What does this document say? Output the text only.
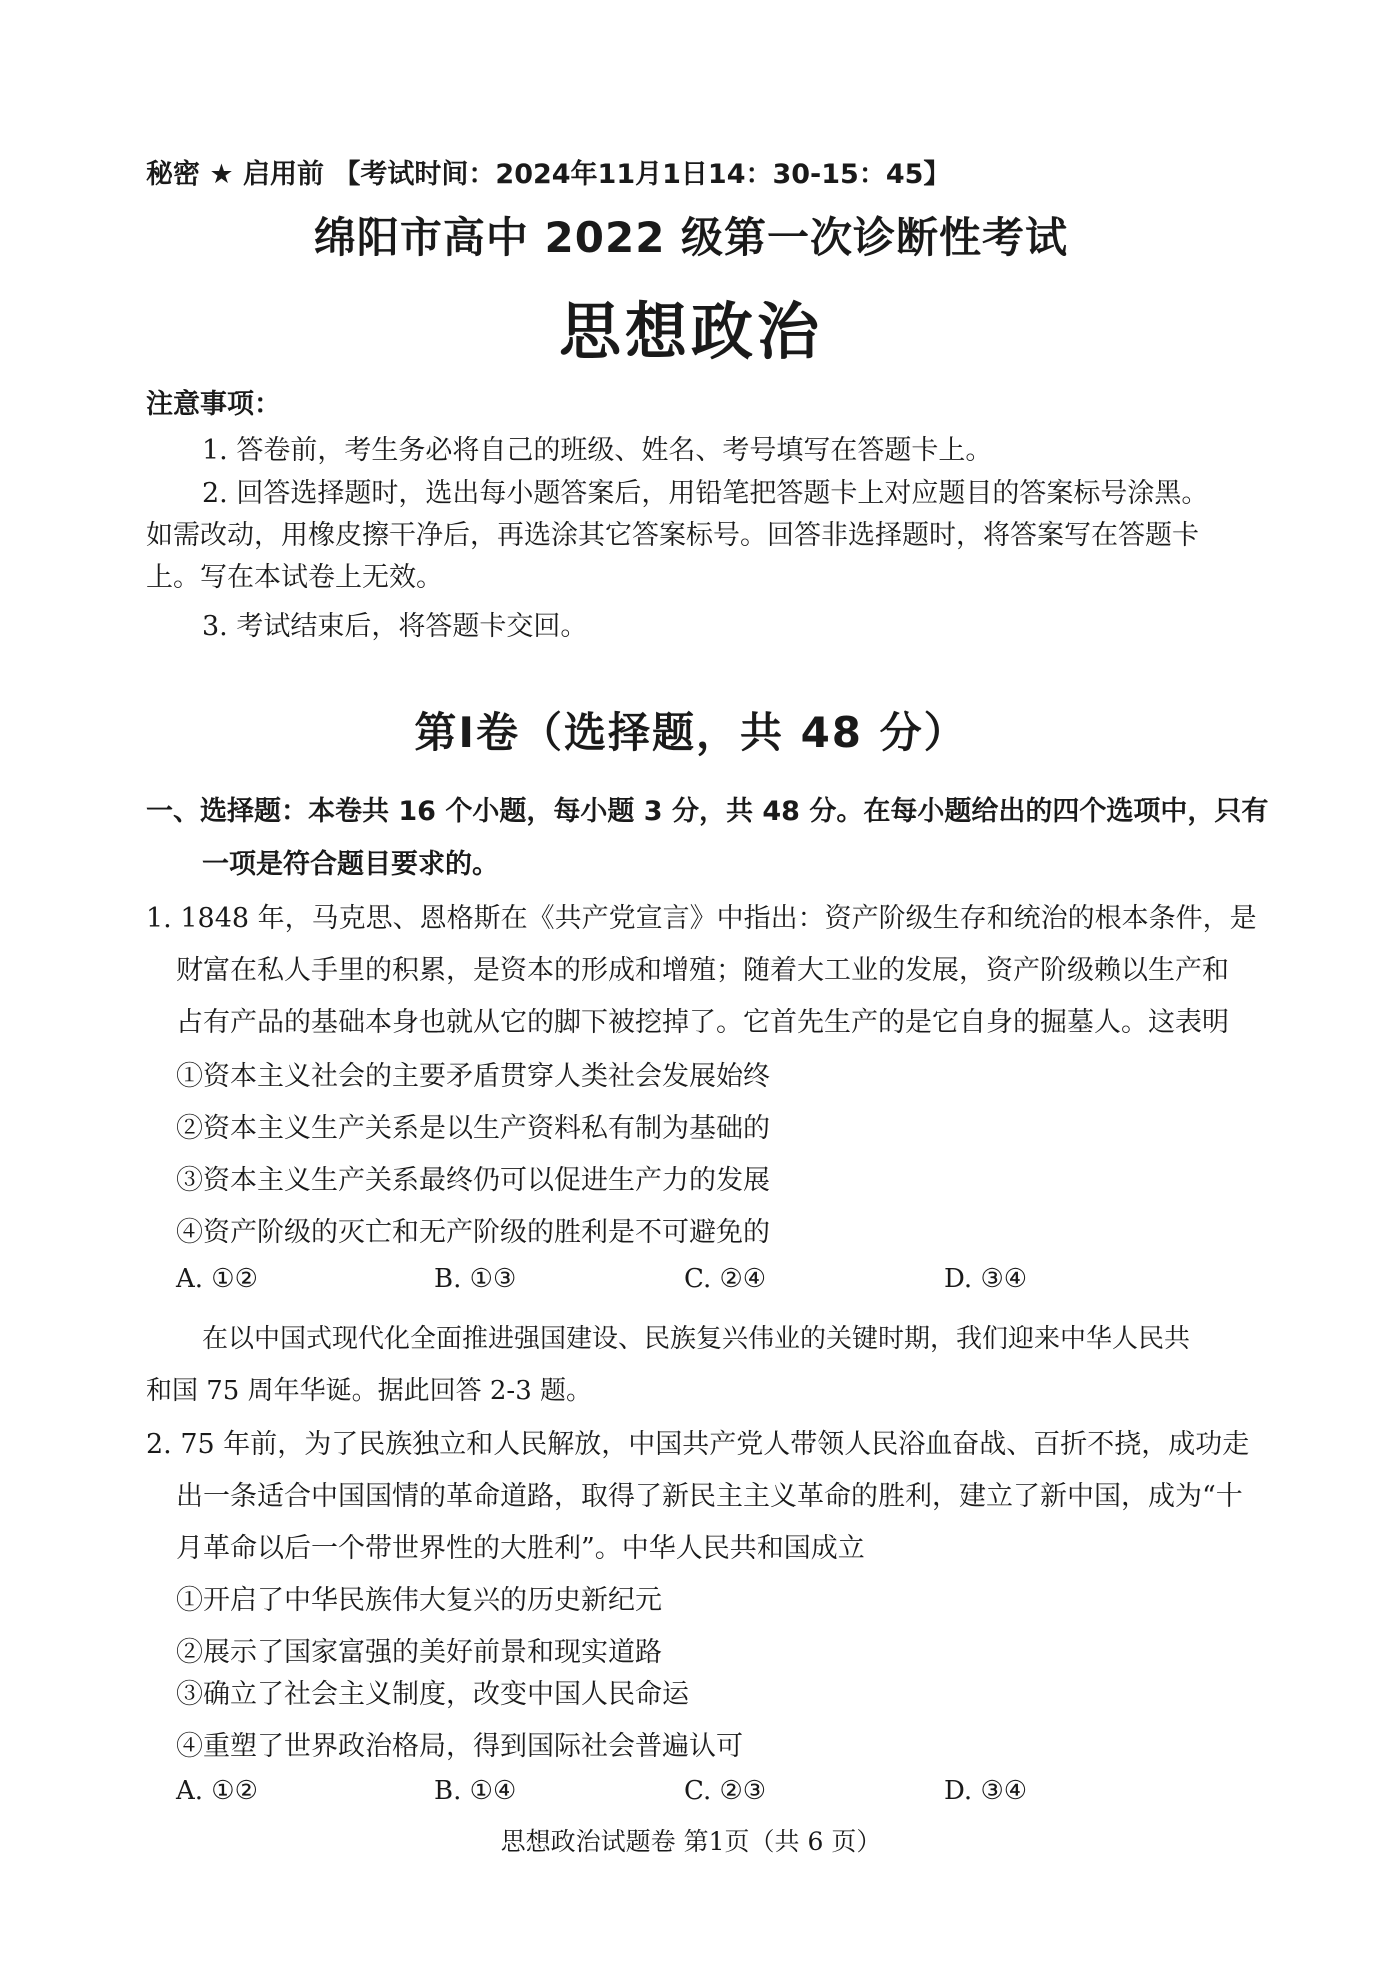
秘密 ★ 启用前 【考试时间：2024年11月1日14：30-15：45】
绵阳市高中 2022 级第一次诊断性考试
思想政治
注意事项：
1. 答卷前，考生务必将自己的班级、姓名、考号填写在答题卡上。
2. 回答选择题时，选出每小题答案后，用铅笔把答题卡上对应题目的答案标号涂黑。
如需改动，用橡皮擦干净后，再选涂其它答案标号。回答非选择题时，将答案写在答题卡
上。写在本试卷上无效。
3. 考试结束后，将答题卡交回。
第Ⅰ卷（选择题，共 48 分）
一、选择题：本卷共 16 个小题，每小题 3 分，共 48 分。在每小题给出的四个选项中，只有
一项是符合题目要求的。
1. 1848 年，马克思、恩格斯在《共产党宣言》中指出：资产阶级生存和统治的根本条件，是
财富在私人手里的积累，是资本的形成和增殖；随着大工业的发展，资产阶级赖以生产和
占有产品的基础本身也就从它的脚下被挖掉了。它首先生产的是它自身的掘墓人。这表明
①资本主义社会的主要矛盾贯穿人类社会发展始终
②资本主义生产关系是以生产资料私有制为基础的
③资本主义生产关系最终仍可以促进生产力的发展
④资产阶级的灭亡和无产阶级的胜利是不可避免的
A. ①②	B. ①③	C. ②④	D. ③④
在以中国式现代化全面推进强国建设、民族复兴伟业的关键时期，我们迎来中华人民共
和国 75 周年华诞。据此回答 2-3 题。
2. 75 年前，为了民族独立和人民解放，中国共产党人带领人民浴血奋战、百折不挠，成功走
出一条适合中国国情的革命道路，取得了新民主主义革命的胜利，建立了新中国，成为“十
月革命以后一个带世界性的大胜利”。中华人民共和国成立
①开启了中华民族伟大复兴的历史新纪元
②展示了国家富强的美好前景和现实道路
③确立了社会主义制度，改变中国人民命运
④重塑了世界政治格局，得到国际社会普遍认可
A. ①②	B. ①④	C. ②③	D. ③④
思想政治试题卷 第1页（共 6 页）
